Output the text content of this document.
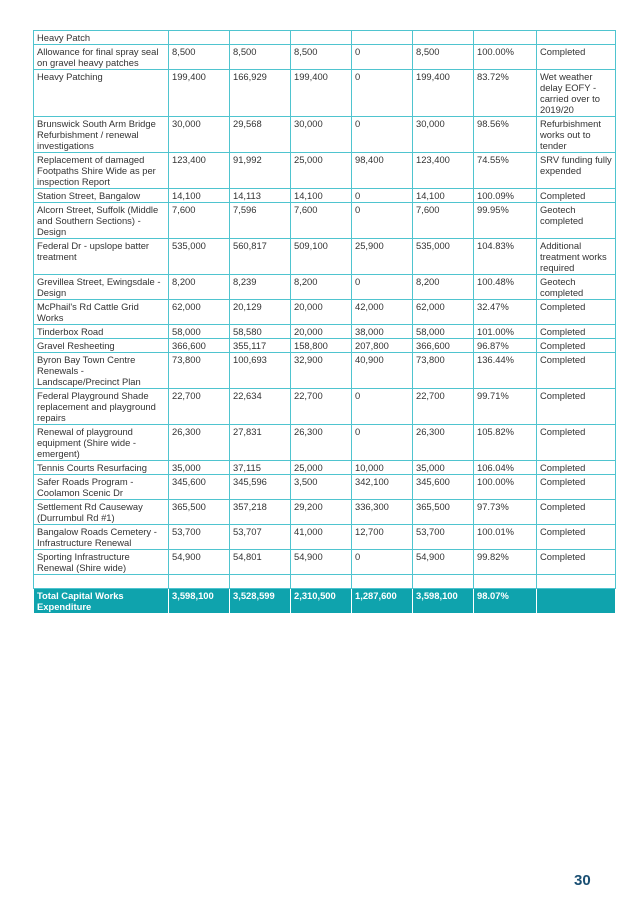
Heavy Patch							
Allowance for final spray seal on gravel heavy patches	8,500	8,500	8,500	0	8,500	100.00%	Completed
Heavy Patching	199,400	166,929	199,400	0	199,400	83.72%	Wet weather delay EOFY - carried over to 2019/20
Brunswick South Arm Bridge Refurbishment / renewal investigations	30,000	29,568	30,000	0	30,000	98.56%	Refurbishment works out to tender
Replacement of damaged Footpaths Shire Wide as per inspection Report	123,400	91,992	25,000	98,400	123,400	74.55%	SRV funding fully expended
Station Street, Bangalow	14,100	14,113	14,100	0	14,100	100.09%	Completed
Alcorn Street, Suffolk (Middle and Southern Sections) - Design	7,600	7,596	7,600	0	7,600	99.95%	Geotech completed
Federal Dr - upslope batter treatment	535,000	560,817	509,100	25,900	535,000	104.83%	Additional treatment works required
Grevillea Street, Ewingsdale - Design	8,200	8,239	8,200	0	8,200	100.48%	Geotech completed
McPhail's Rd Cattle Grid Works	62,000	20,129	20,000	42,000	62,000	32.47%	Completed
Tinderbox Road	58,000	58,580	20,000	38,000	58,000	101.00%	Completed
Gravel Resheeting	366,600	355,117	158,800	207,800	366,600	96.87%	Completed
Byron Bay Town Centre Renewals - Landscape/Precinct Plan	73,800	100,693	32,900	40,900	73,800	136.44%	Completed
Federal Playground Shade replacement and playground repairs	22,700	22,634	22,700	0	22,700	99.71%	Completed
Renewal of playground equipment (Shire wide - emergent)	26,300	27,831	26,300	0	26,300	105.82%	Completed
Tennis Courts Resurfacing	35,000	37,115	25,000	10,000	35,000	106.04%	Completed
Safer Roads Program - Coolamon Scenic Dr	345,600	345,596	3,500	342,100	345,600	100.00%	Completed
Settlement Rd Causeway (Durrumbul Rd #1)	365,500	357,218	29,200	336,300	365,500	97.73%	Completed
Bangalow Roads Cemetery - Infrastructure Renewal	53,700	53,707	41,000	12,700	53,700	100.01%	Completed
Sporting Infrastructure Renewal (Shire wide)	54,900	54,801	54,900	0	54,900	99.82%	Completed

Total Capital Works Expenditure	3,598,100	3,528,599	2,310,500	1,287,600	3,598,100	98.07%	
30
